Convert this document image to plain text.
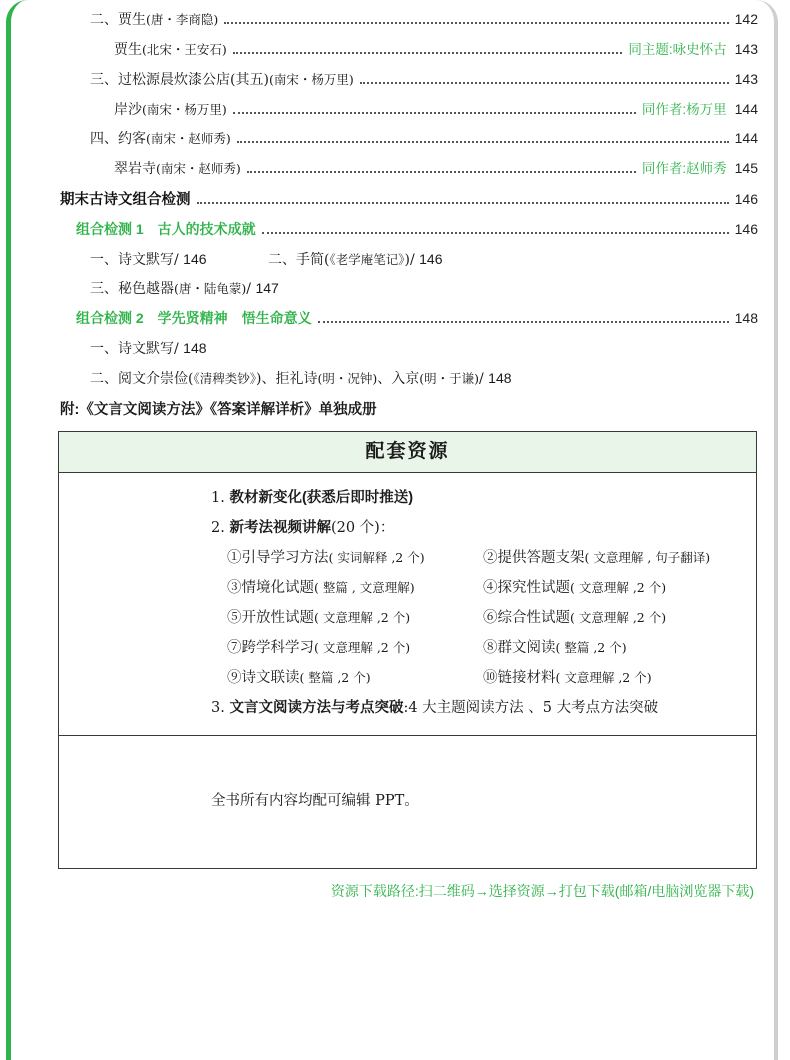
二、贾生 (唐・李商隐)	142
贾生 (北宋・王安石)	同主题:咏史怀古 143
三、过松源晨炊漆公店(其五) (南宋・杨万里)	143
岸沙 (南宋・杨万里)	同作者:杨万里 144
四、约客 (南宋・赵师秀)	144
翠岩寺 (南宋・赵师秀)	同作者:赵师秀 145
期末古诗文组合检测	146
组合检测 1　古人的技术成就	146
一、诗文默写/ 146	二、手简(《老学庵笔记》)/ 146
三、秘色越器(唐・陆龟蒙)/ 147
组合检测 2　学先贤精神　悟生命意义	148
一、诗文默写/ 148
二、阅文介崇俭(《清稗类钞》)、拒礼诗(明・况钟)、入京(明・于谦)/ 148
附:《文言文阅读方法》《答案详解详析》单独成册
配套资源
1. 教材新变化(获悉后即时推送)
2. 新考法视频讲解(20 个)：
①引导学习方法( 实词解释 ,2 个)	②提供答题支架( 文意理解 , 句子翻译)
③情境化试题( 整篇 , 文意理解)	④探究性试题( 文意理解 ,2 个)
⑤开放性试题( 文意理解 ,2 个)	⑥综合性试题( 文意理解 ,2 个)
⑦跨学科学习( 文意理解 ,2 个)	⑧群文阅读( 整篇 ,2 个)
⑨诗文联读( 整篇 ,2 个)	⑩链接材料( 文意理解 ,2 个)
3. 文言文阅读方法与考点突破:4 大主题阅读方法 、5 大考点方法突破
全书所有内容均配可编辑 PPT。
资源下载路径:扫二维码→选择资源→打包下载(邮箱/电脑浏览器下载)
